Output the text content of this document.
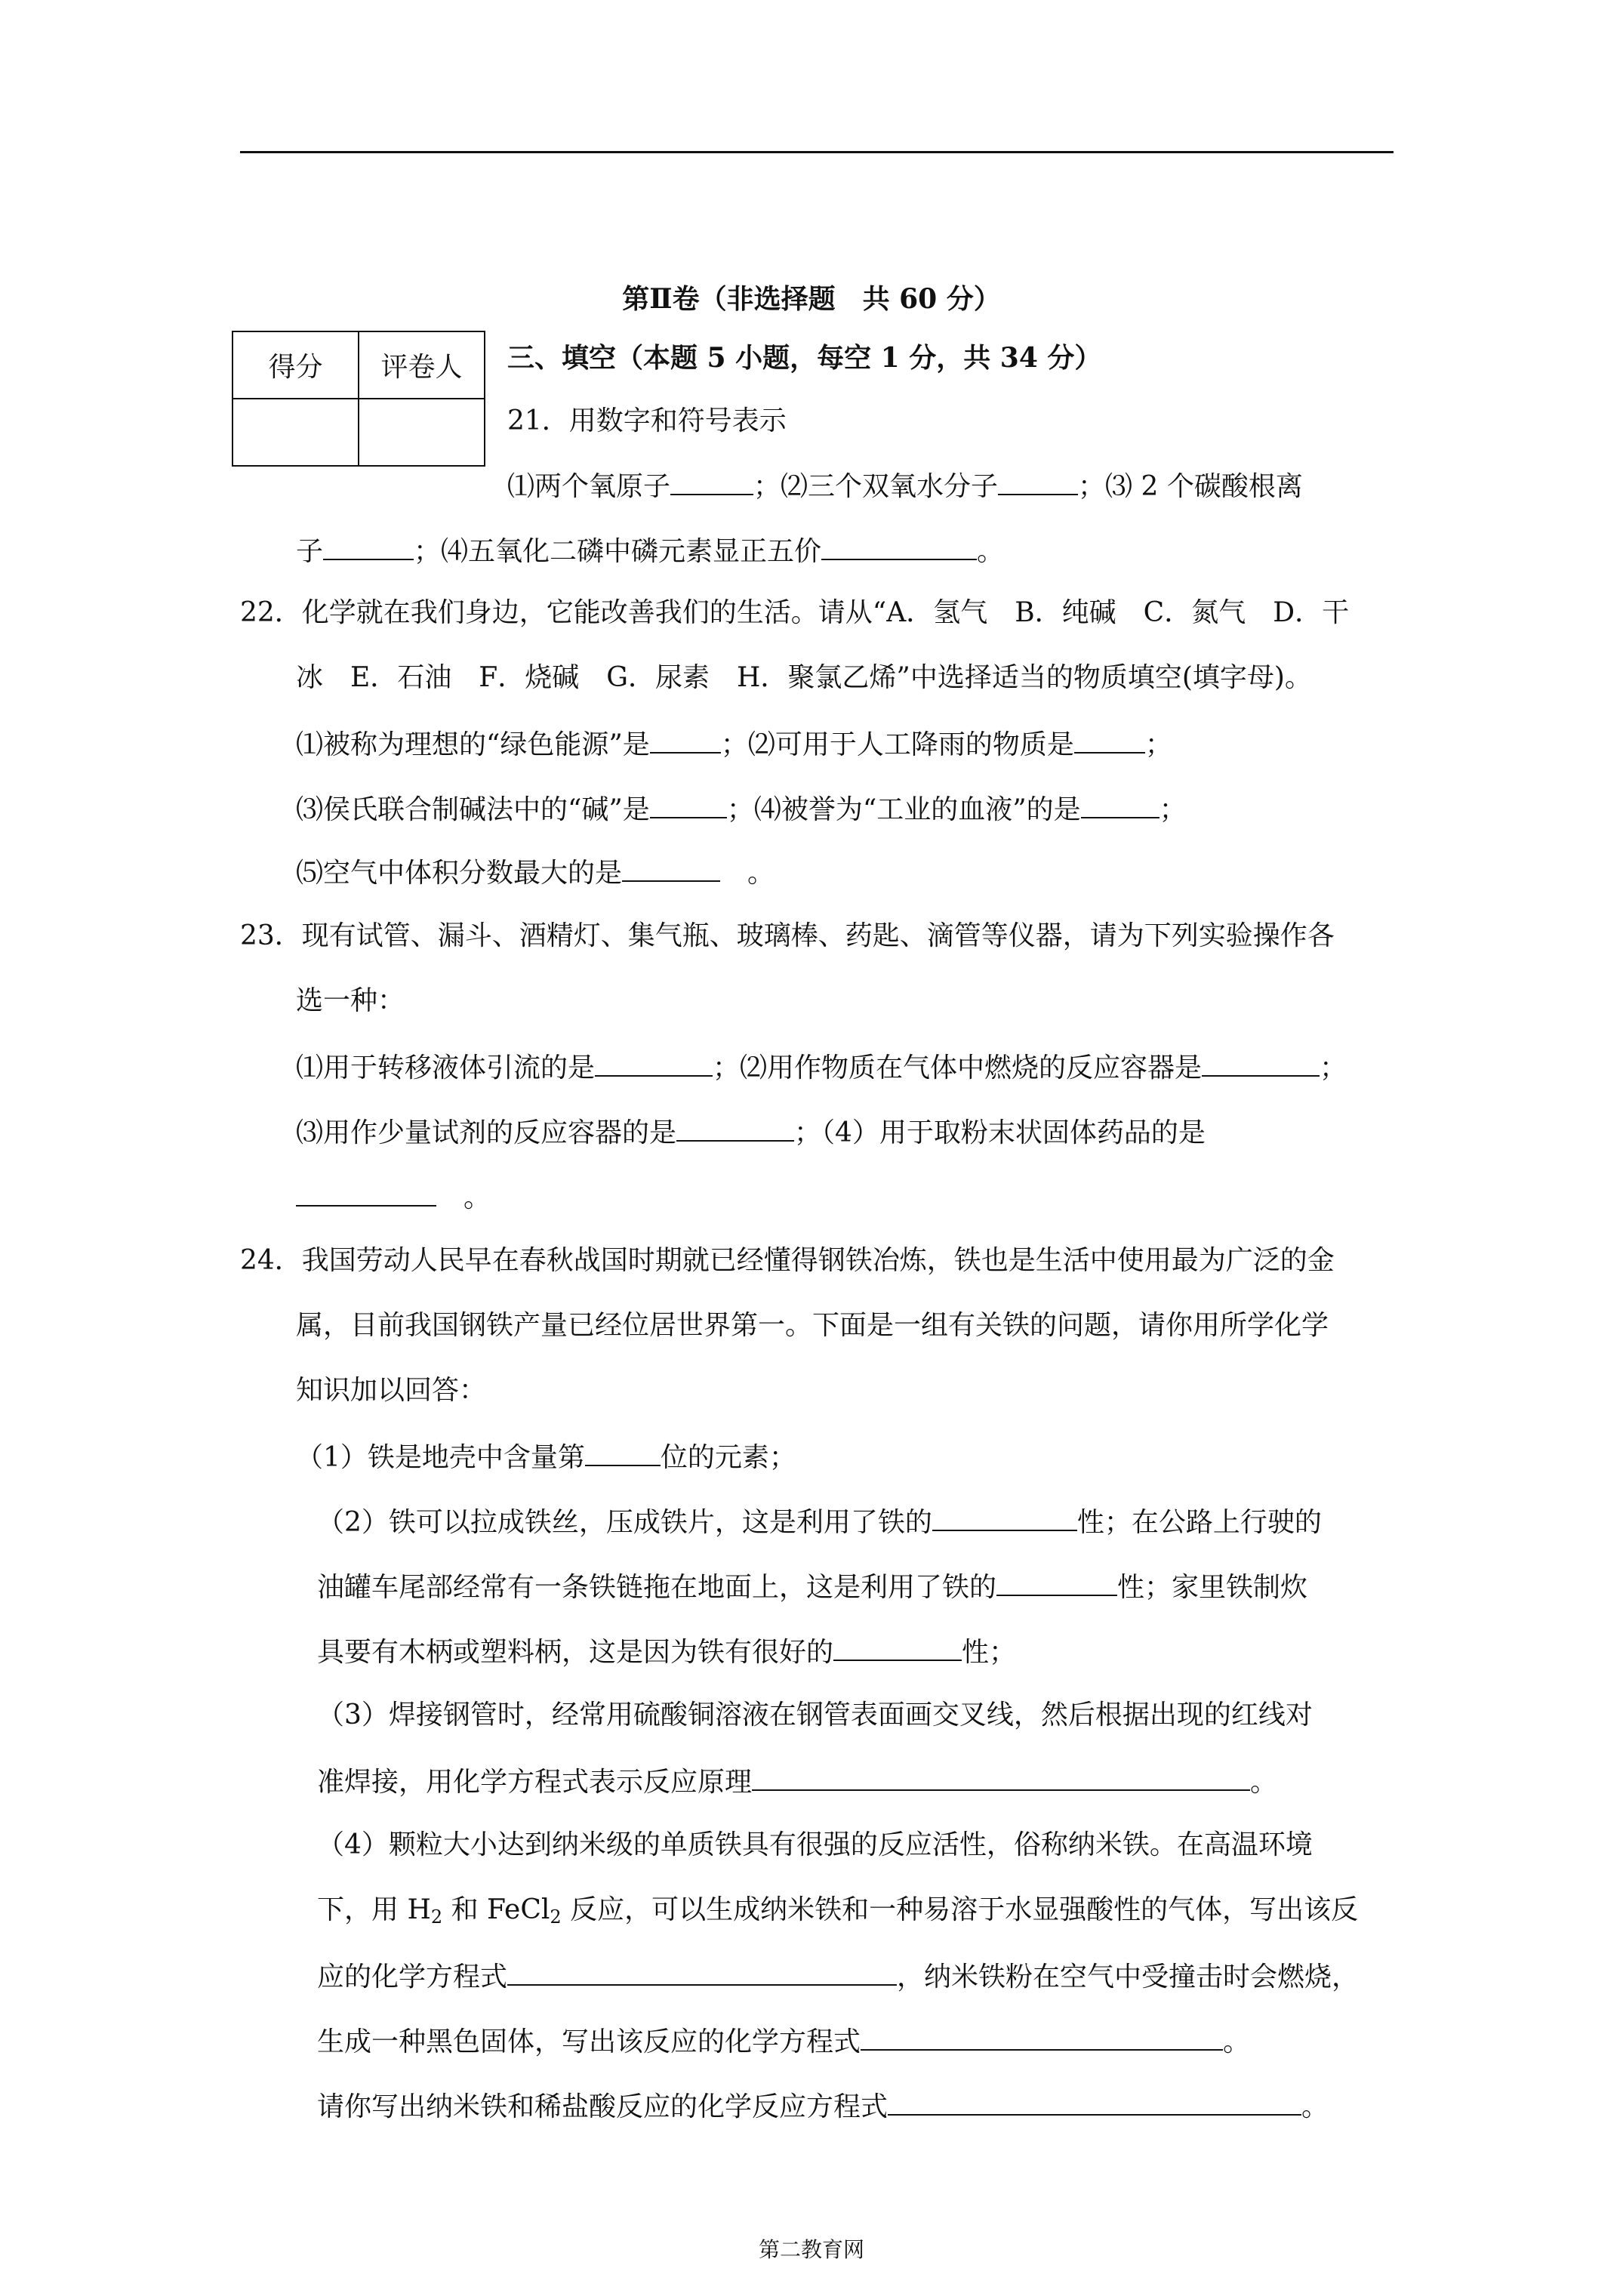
第Ⅱ卷（非选择题　共 60 分）
得分	评卷人
	三、填空（本题 5 小题，每空 1 分，共 34 分）
21．用数字和符号表示
⑴两个氧原子	；⑵三个双氧水分子	；⑶ 2 个碳酸根离
子	；⑷五氧化二磷中磷元素显正五价	。
22．化学就在我们身边，它能改善我们的生活。请从“A．氢气　B．纯碱　C．氮气　D．干
冰　E．石油　F．烧碱　G．尿素　H．聚氯乙烯”中选择适当的物质填空(填字母)。
⑴被称为理想的“绿色能源”是	；⑵可用于人工降雨的物质是	；
⑶侯氏联合制碱法中的“碱”是	；⑷被誉为“工业的血液”的是	；
⑸空气中体积分数最大的是	　。
23．现有试管、漏斗、酒精灯、集气瓶、玻璃棒、药匙、滴管等仪器，请为下列实验操作各
选一种：
⑴用于转移液体引流的是	；⑵用作物质在气体中燃烧的反应容器是	；
⑶用作少量试剂的反应容器的是	；（4）用于取粉末状固体药品的是
　。
24．我国劳动人民早在春秋战国时期就已经懂得钢铁冶炼，铁也是生活中使用最为广泛的金
属，目前我国钢铁产量已经位居世界第一。下面是一组有关铁的问题，请你用所学化学
知识加以回答：
（1）铁是地壳中含量第	位的元素；
（2）铁可以拉成铁丝，压成铁片，这是利用了铁的	性；在公路上行驶的
油罐车尾部经常有一条铁链拖在地面上，这是利用了铁的	性；家里铁制炊
具要有木柄或塑料柄，这是因为铁有很好的	性；
（3）焊接钢管时，经常用硫酸铜溶液在钢管表面画交叉线，然后根据出现的红线对
准焊接，用化学方程式表示反应原理	。
（4）颗粒大小达到纳米级的单质铁具有很强的反应活性，俗称纳米铁。在高温环境
下，用 $H_2$ 和 FeCl$_2$ 反应，可以生成纳米铁和一种易溶于水显强酸性的气体，写出该反
应的化学方程式	，纳米铁粉在空气中受撞击时会燃烧，
生成一种黑色固体，写出该反应的化学方程式	。
请你写出纳米铁和稀盐酸反应的化学反应方程式	。
第二教育网
